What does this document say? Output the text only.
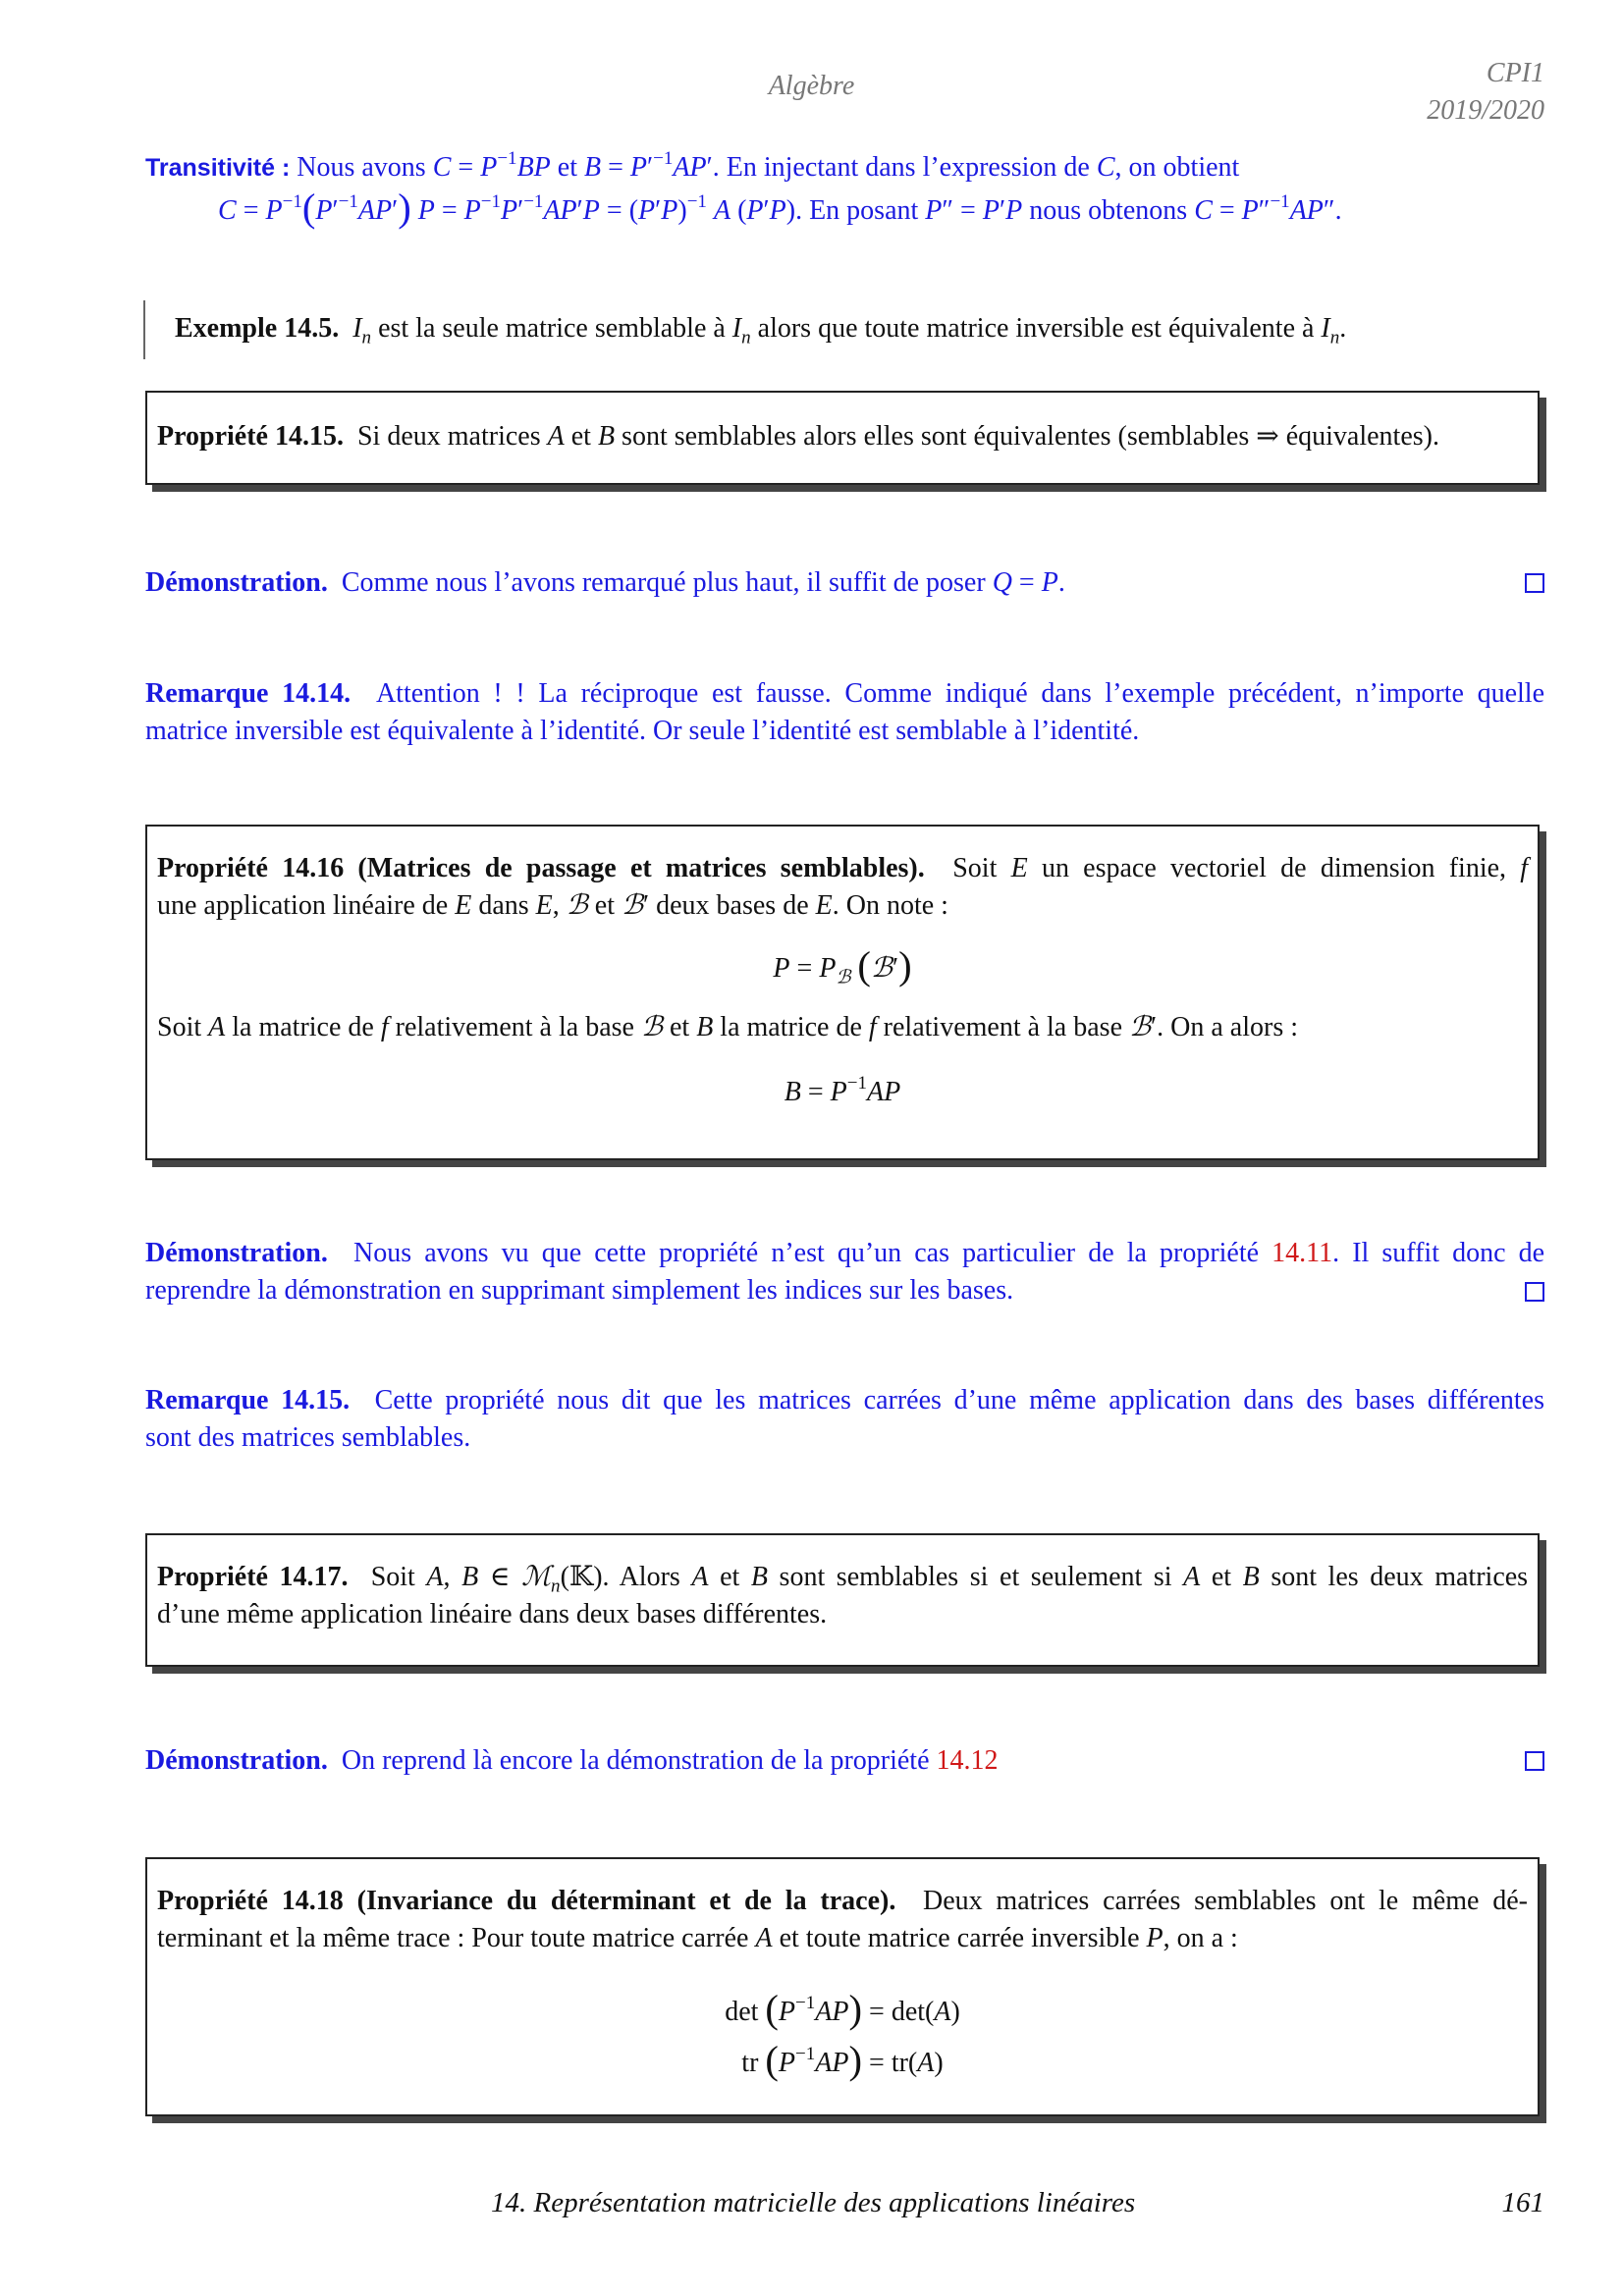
Algèbre	CPI1
2019/2020
Transitivité : Nous avons $C = P^{-1}BP$ et $B = P'^{-1}AP'$. En injectant dans l’expression de C, on obtient
$C = P^{-1}(P'^{-1}AP') P = P^{-1}P'^{-1}AP'P = (P'P)^{-1}$ A (P′P). En posant P″ = P′P nous obtenons C = P″$^{-1}$AP″.
Exemple 14.5. $I_n$ est la seule matrice semblable à $I_n$ alors que toute matrice inversible est équivalente à $I_n$.
Propriété 14.15. Si deux matrices A et B sont semblables alors elles sont équivalentes (semblables ⇒ équivalentes).
Démonstration. Comme nous l’avons remarqué plus haut, il suffit de poser Q = P.
Remarque 14.14. Attention ! ! La réciproque est fausse. Comme indiqué dans l’exemple précédent, n’importe quelle
matrice inversible est équivalente à l’identité. Or seule l’identité est semblable à l’identité.
Propriété 14.16 (Matrices de passage et matrices semblables). Soit E un espace vectoriel de dimension finie, f
une application linéaire de E dans E, ℬ et ℬ′ deux bases de E. On note :
$P = P_ℬ$ (ℬ′)
Soit A la matrice de f relativement à la base ℬ et B la matrice de f relativement à la base ℬ′. On a alors :
$B = P^{-1}AP$
Démonstration. Nous avons vu que cette propriété n’est qu’un cas particulier de la propriété 14.11. Il suffit donc de
reprendre la démonstration en supprimant simplement les indices sur les bases.
Remarque 14.15. Cette propriété nous dit que les matrices carrées d’une même application dans des bases différentes
sont des matrices semblables.
Propriété 14.17. Soit A, B ∈ ℳ$_n$(𝕂). Alors A et B sont semblables si et seulement si A et B sont les deux matrices
d’une même application linéaire dans deux bases différentes.
Démonstration. On reprend là encore la démonstration de la propriété 14.12
Propriété 14.18 (Invariance du déterminant et de la trace). Deux matrices carrées semblables ont le même dé-
terminant et la même trace : Pour toute matrice carrée A et toute matrice carrée inversible P, on a :
$\det (P^{-1}AP) = \det(A)$
tr $(P^{-1}AP) = tr(A)$
14. Représentation matricielle des applications linéaires	161
